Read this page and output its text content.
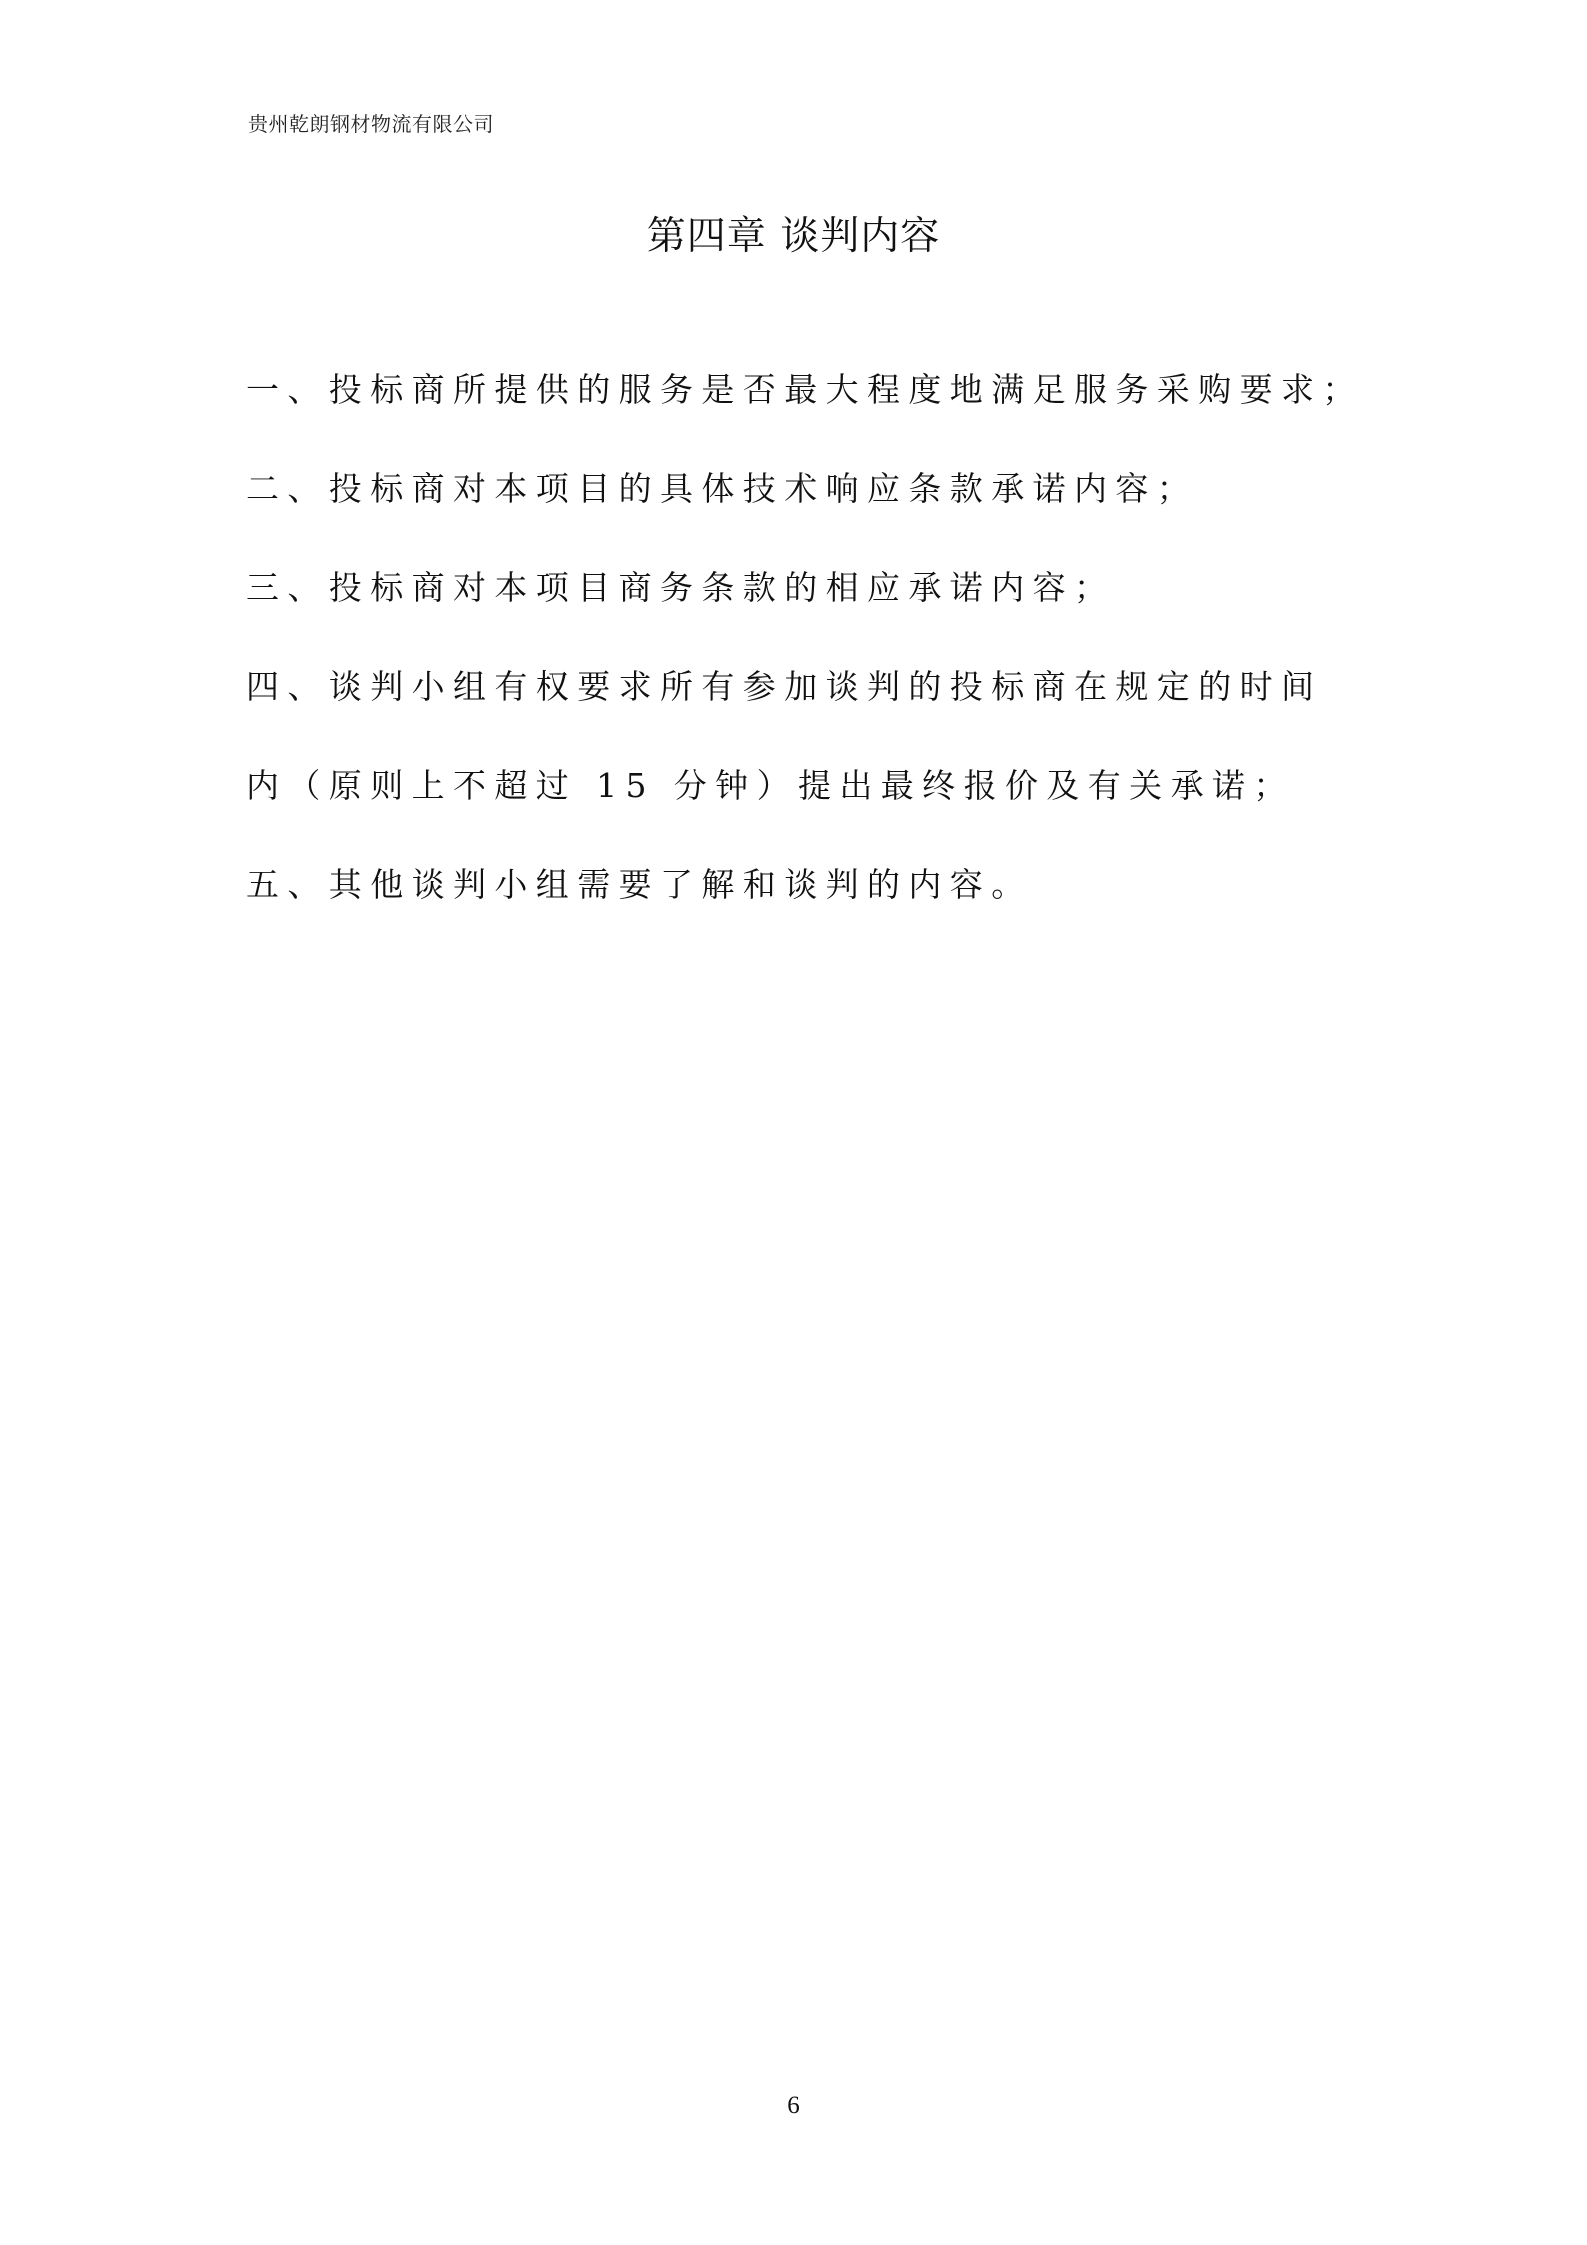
贵州乾朗钢材物流有限公司
第四章 谈判内容
一、投标商所提供的服务是否最大程度地满足服务采购要求；
二、投标商对本项目的具体技术响应条款承诺内容；
三、投标商对本项目商务条款的相应承诺内容；
四、谈判小组有权要求所有参加谈判的投标商在规定的时间
内（原则上不超过 15 分钟）提出最终报价及有关承诺；
五、其他谈判小组需要了解和谈判的内容。
6
